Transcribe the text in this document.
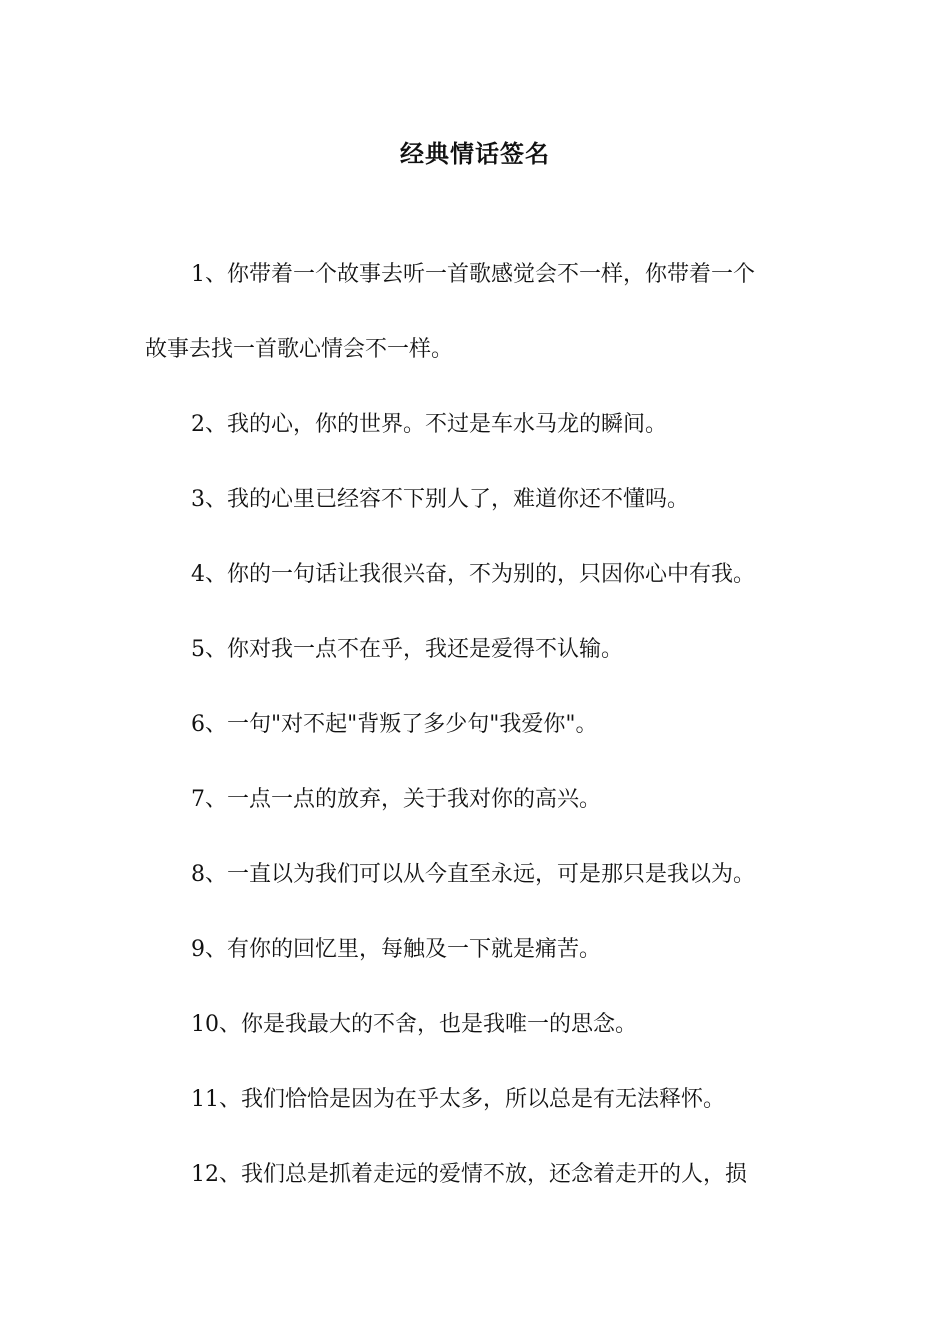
经典情话签名

1、你带着一个故事去听一首歌感觉会不一样，你带着一个
故事去找一首歌心情会不一样。

2、我的心，你的世界。不过是车水马龙的瞬间。

3、我的心里已经容不下别人了，难道你还不懂吗。

4、你的一句话让我很兴奋，不为别的，只因你心中有我。

5、你对我一点不在乎，我还是爱得不认输。

6、一句"对不起"背叛了多少句"我爱你"。

7、一点一点的放弃，关于我对你的高兴。

8、一直以为我们可以从今直至永远，可是那只是我以为。

9、有你的回忆里，每触及一下就是痛苦。

10、你是我最大的不舍，也是我唯一的思念。

11、我们恰恰是因为在乎太多，所以总是有无法释怀。

12、我们总是抓着走远的爱情不放，还念着走开的人，损
